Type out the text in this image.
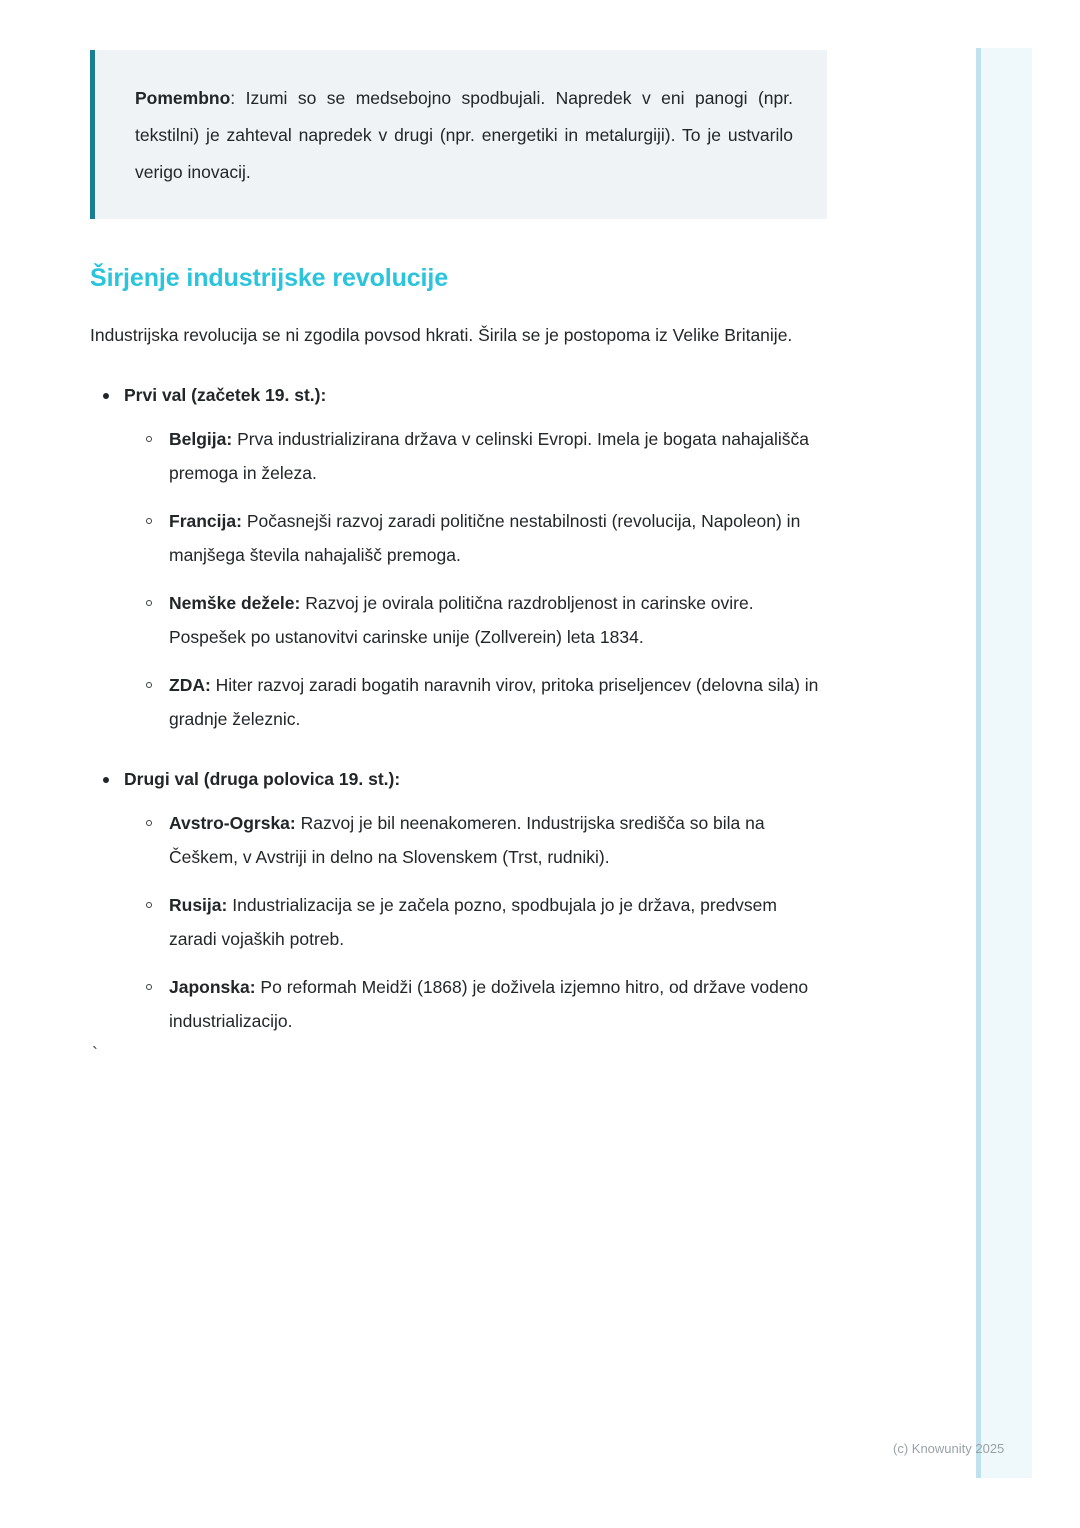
Pomembno: Izumi so se medsebojno spodbujali. Napredek v eni panogi (npr. tekstilni) je zahteval napredek v drugi (npr. energetiki in metalurgiji). To je ustvarilo verigo inovacij.

Širjenje industrijske revolucije

Industrijska revolucija se ni zgodila povsod hkrati. Širila se je postopoma iz Velike Britanije.

Prvi val (začetek 19. st.):
Belgija: Prva industrializirana država v celinski Evropi. Imela je bogata nahajališča premoga in železa.
Francija: Počasnejši razvoj zaradi politične nestabilnosti (revolucija, Napoleon) in manjšega števila nahajališč premoga.
Nemške dežele: Razvoj je ovirala politična razdrobljenost in carinske ovire. Pospešek po ustanovitvi carinske unije (Zollverein) leta 1834.
ZDA: Hiter razvoj zaradi bogatih naravnih virov, pritoka priseljencev (delovna sila) in gradnje železnic.
Drugi val (druga polovica 19. st.):
Avstro-Ogrska: Razvoj je bil neenakomeren. Industrijska središča so bila na Češkem, v Avstriji in delno na Slovenskem (Trst, rudniki).
Rusija: Industrializacija se je začela pozno, spodbujala jo je država, predvsem zaradi vojaških potreb.
Japonska: Po reformah Meidži (1868) je doživela izjemno hitro, od države vodeno industrializacijo.
`
(c) Knowunity 2025
